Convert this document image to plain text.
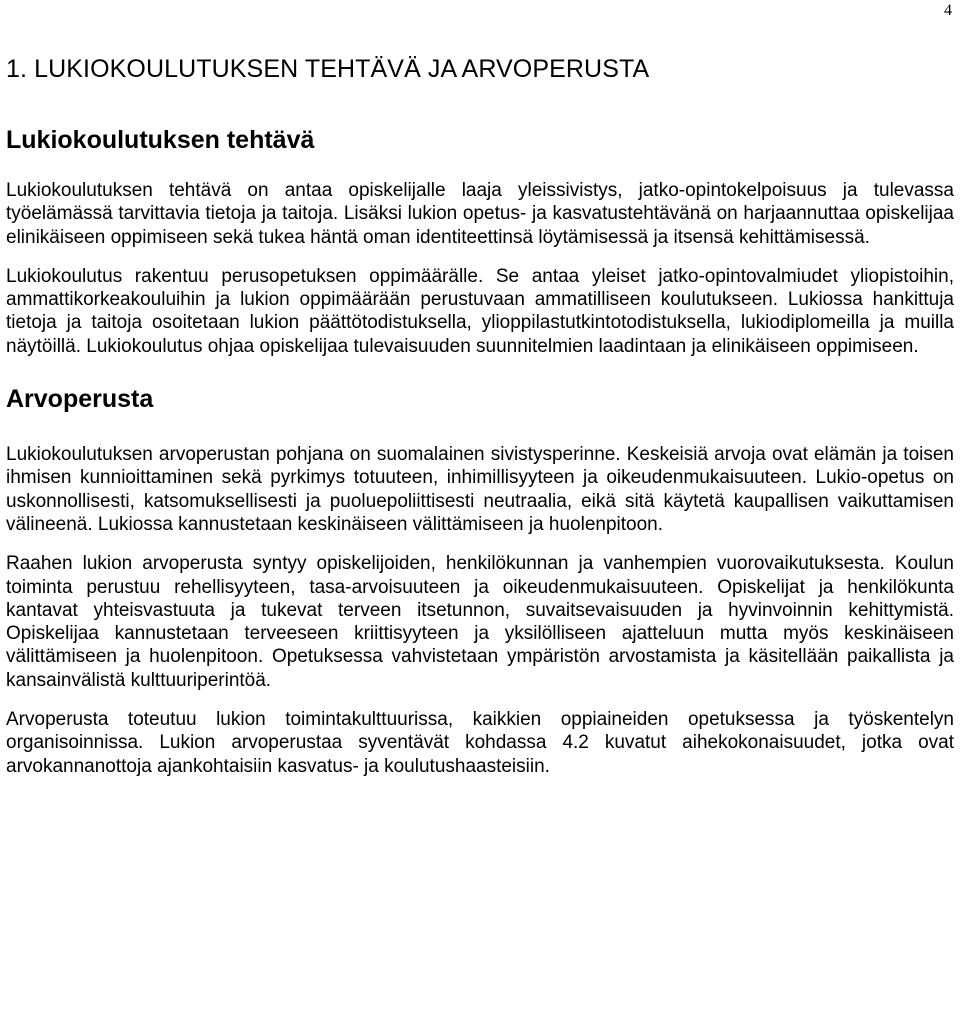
4
1. LUKIOKOULUTUKSEN TEHTÄVÄ JA ARVOPERUSTA
Lukiokoulutuksen tehtävä

Lukiokoulutuksen tehtävä on antaa opiskelijalle laaja yleissivistys, jatko-opintokelpoisuus ja tulevassa työelämässä tarvittavia tietoja ja taitoja. Lisäksi lukion opetus- ja kasvatustehtävänä on harjaannuttaa opiskelijaa elinikäiseen oppimiseen sekä tukea häntä oman identiteettinsä löytämisessä ja itsensä kehittämisessä.

Lukiokoulutus rakentuu perusopetuksen oppimäärälle. Se antaa yleiset jatko-opintovalmiudet yliopistoihin, ammattikorkeakouluihin ja lukion oppimäärään perustuvaan ammatilliseen koulutukseen. Lukiossa hankittuja tietoja ja taitoja osoitetaan lukion päättötodistuksella, ylioppilastutkintotodistuksella, lukiodiplomeilla ja muilla näytöillä. Lukiokoulutus ohjaa opiskelijaa tulevaisuuden suunnitelmien laadintaan ja elinikäiseen oppimiseen.

Arvoperusta

Lukiokoulutuksen arvoperustan pohjana on suomalainen sivistysperinne. Keskeisiä arvoja ovat elämän ja toisen ihmisen kunnioittaminen sekä pyrkimys totuuteen, inhimillisyyteen ja oikeudenmukaisuuteen. Lukio-opetus on uskonnollisesti, katsomuksellisesti ja puoluepoliittisesti neutraalia, eikä sitä käytetä kaupallisen vaikuttamisen välineenä. Lukiossa kannustetaan keskinäiseen välittämiseen ja huolenpitoon.

Raahen lukion arvoperusta syntyy opiskelijoiden, henkilökunnan ja vanhempien vuorovaikutuksesta. Koulun toiminta perustuu rehellisyyteen, tasa-arvoisuuteen ja oikeudenmukaisuuteen. Opiskelijat ja henkilökunta kantavat yhteisvastuuta ja tukevat terveen itsetunnon, suvaitsevaisuuden ja hyvinvoinnin kehittymistä. Opiskelijaa kannustetaan terveeseen kriittisyyteen ja yksilölliseen ajatteluun mutta myös keskinäiseen välittämiseen ja huolenpitoon. Opetuksessa vahvistetaan ympäristön arvostamista ja käsitellään paikallista ja kansainvälistä kulttuuriperintöä.

Arvoperusta toteutuu lukion toimintakulttuurissa, kaikkien oppiaineiden opetuksessa ja työskentelyn organisoinnissa. Lukion arvoperustaa syventävät kohdassa 4.2 kuvatut aihekokonaisuudet, jotka ovat arvokannanottoja ajankohtaisiin kasvatus- ja koulutushaasteisiin.
